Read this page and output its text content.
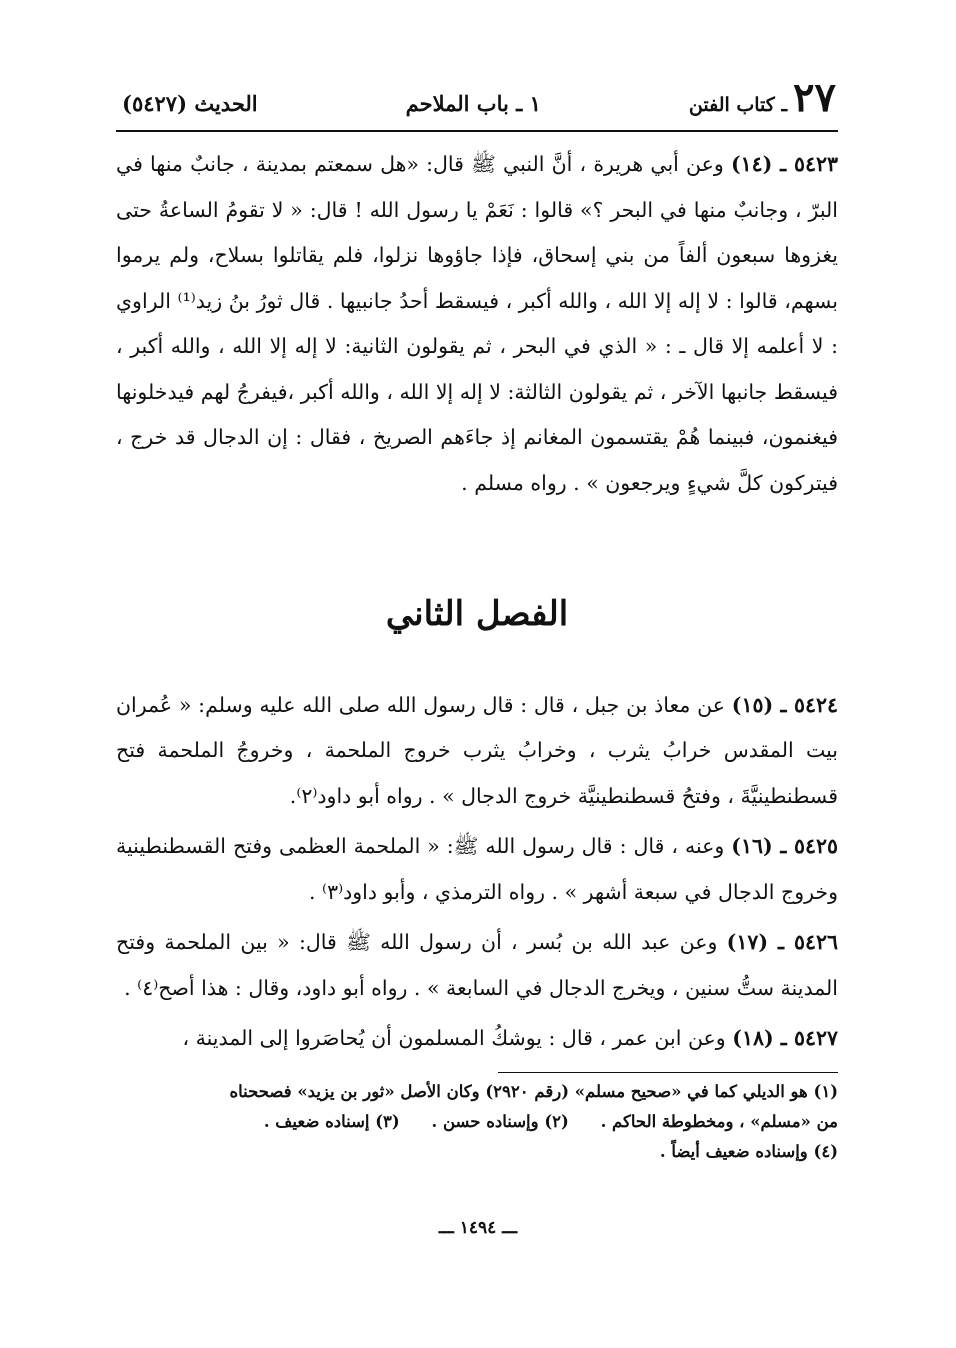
٢٧
ـ كتاب الفتن
١ ـ باب الملاحم
الحديث (٥٤٢٧)

٥٤٢٣ ـ (١٤) وعن أبي هريرة ، أنَّ النبي ﷺ قال: «هل سمعتم بمدينة ، جانبٌ منها في البرّ ، وجانبٌ منها في البحر ؟» قالوا : نَعَمْ يا رسول الله ! قال: « لا تقومُ الساعةُ حتى يغزوها سبعون ألفاً من بني إسحاق، فإذا جاؤوها نزلوا، فلم يقاتلوا بسلاح، ولم يرموا بسهم، قالوا : لا إله إلا الله ، والله أكبر ، فيسقط أحدُ جانبيها . قال ثورُ بنُ زيد⁽¹⁾ الراوي : لا أعلمه إلا قال ـ : « الذي في البحر ، ثم يقولون الثانية: لا إله إلا الله ، والله أكبر ، فيسقط جانبها الآخر ، ثم يقولون الثالثة: لا إله إلا الله ، والله أكبر ،فيفرجُ لهم فيدخلونها فيغنمون، فبينما هُمْ يقتسمون المغانم إذ جاءَهم الصريخ ، فقال : إن الدجال قد خرج ، فيتركون كلَّ شيءٍ ويرجعون » . رواه مسلم .

الفصل الثاني

٥٤٢٤ ـ (١٥) عن معاذ بن جبل ، قال : قال رسول الله صلى الله عليه وسلم: « عُمران بيت المقدس خرابُ يثرب ، وخرابُ يثرب خروج الملحمة ، وخروجُ الملحمة فتح قسطنطينيَّةَ ، وفتحُ قسطنطينيَّة خروج الدجال » . رواه أبو داود⁽٢⁾.

٥٤٢٥ ـ (١٦) وعنه ، قال : قال رسول الله ﷺ: « الملحمة العظمى وفتح القسطنطينية وخروج الدجال في سبعة أشهر » . رواه الترمذي ، وأبو داود⁽٣⁾ .

٥٤٢٦ ـ (١٧) وعن عبد الله بن بُسر ، أن رسول الله ﷺ قال: « بين الملحمة وفتح المدينة ستُّ سنين ، ويخرج الدجال في السابعة » . رواه أبو داود، وقال : هذا أصح⁽٤⁾ .

٥٤٢٧ ـ (١٨) وعن ابن عمر ، قال : يوشكُ المسلمون أن يُحاصَروا إلى المدينة ،

(١) هو الديلي كما في «صحيح مسلم» (رقم ٢٩٢٠) وكان الأصل «ثور بن يزيد» فصححناه
من «مسلم» ، ومخطوطة الحاكم . (٢) وإسناده حسن . (٣) إسناده ضعيف .
(٤) وإسناده ضعيف أيضاً .
ـــ ١٤٩٤ ـــ
